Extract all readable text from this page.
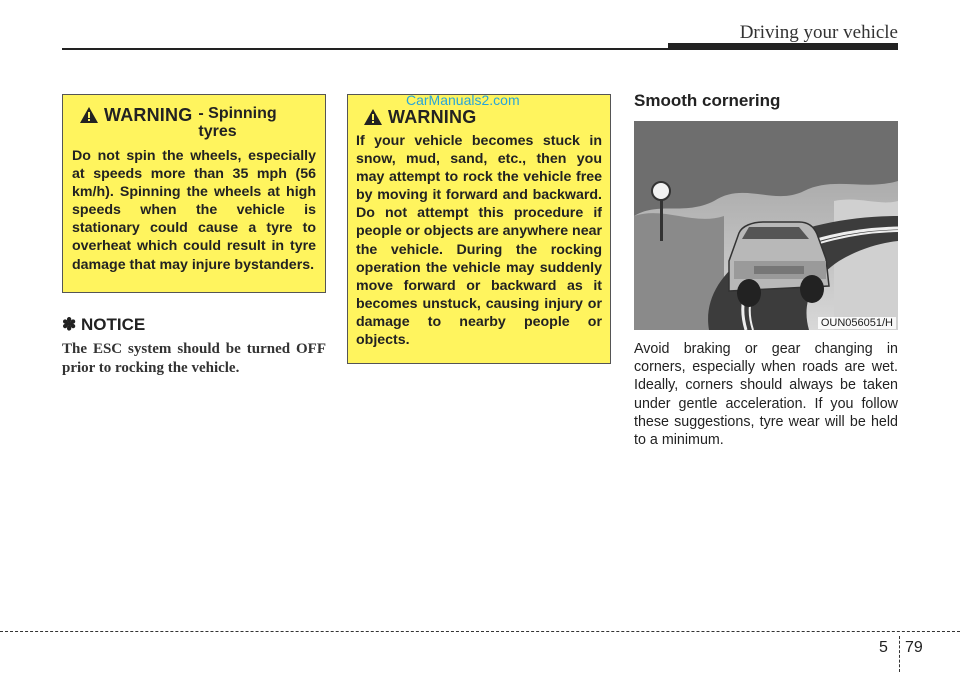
Driving your vehicle
WARNING - Spinning tyres

Do not spin the wheels, especially at speeds more than 35 mph (56 km/h). Spinning the wheels at high speeds when the vehicle is stationary could cause a tyre to overheat which could result in tyre damage that may injure bystanders.

WARNING

If your vehicle becomes stuck in snow, mud, sand, etc., then you may attempt to rock the vehicle free by moving it forward and backward. Do not attempt this procedure if people or objects are anywhere near the vehicle. During the rocking operation the vehicle may suddenly move forward or backward as it becomes unstuck, causing injury or damage to nearby people or objects.

CarManuals2.com
✽ NOTICE

The ESC system should be turned OFF prior to rocking the vehicle.

Smooth cornering
OUN056051/H

Avoid braking or gear changing in corners, especially when roads are wet. Ideally, corners should always be taken under gentle acceleration. If you follow these suggestions, tyre wear will be held to a minimum.

5 79
